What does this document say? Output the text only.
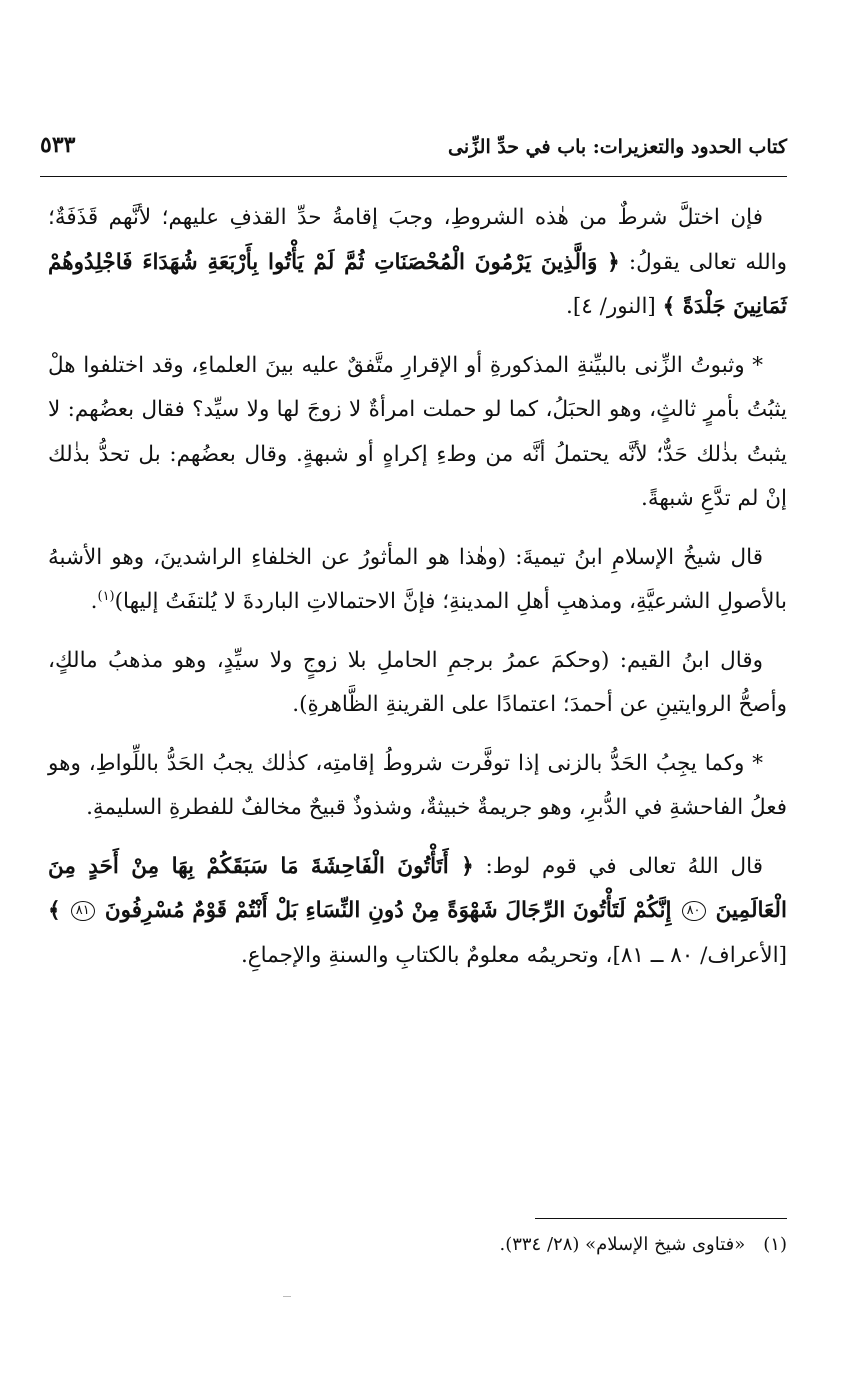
كتاب الحدود والتعزيرات: باب في حدِّ الزِّنى
٥٣٣

فإن اختلَّ شرطٌ من هٰذه الشروطِ، وجبَ إقامةُ حدِّ القذفِ عليهم؛ لأنَّهم قَذَفَةٌ؛ والله تعالى يقولُ: ﴿ وَالَّذِينَ يَرْمُونَ الْمُحْصَنَاتِ ثُمَّ لَمْ يَأْتُوا بِأَرْبَعَةِ شُهَدَاءَ فَاجْلِدُوهُمْ ثَمَانِينَ جَلْدَةً ﴾ [النور/ ٤].

* وثبوتُ الزِّنى بالبيِّنةِ المذكورةِ أو الإقرارِ متَّفقٌ عليه بينَ العلماءِ، وقد اختلفوا هلْ يثبُتُ بأمرٍ ثالثٍ، وهو الحبَلُ، كما لو حملت امرأةٌ لا زوجَ لها ولا سيِّد؟ فقال بعضُهم: لا يثبتُ بذٰلك حَدٌّ؛ لأنَّه يحتملُ أنَّه من وطءِ إكراهٍ أو شبهةٍ. وقال بعضُهم: بل تحدُّ بذٰلك إنْ لم تدَّعِ شبهةً.

قال شيخُ الإسلامِ ابنُ تيميةَ: (وهٰذا هو المأثورُ عن الخلفاءِ الراشدينَ، وهو الأشبهُ بالأصولِ الشرعيَّةِ، ومذهبِ أهلِ المدينةِ؛ فإنَّ الاحتمالاتِ الباردةَ لا يُلتفَتُ إليها)$^{(١)}$.

وقال ابنُ القيم: (وحكمَ عمرُ برجمِ الحاملِ بلا زوجٍ ولا سيِّدٍ، وهو مذهبُ مالكٍ، وأصحُّ الروايتينِ عن أحمدَ؛ اعتمادًا على القرينةِ الظَّاهرةِ).

* وكما يجِبُ الحَدُّ بالزنى إذا توفَّرت شروطُ إقامتِه، كذٰلك يجبُ الحَدُّ باللِّواطِ، وهو فعلُ الفاحشةِ في الدُّبرِ، وهو جريمةٌ خبيثةٌ، وشذوذٌ قبيحٌ مخالفٌ للفطرةِ السليمةِ.

قال اللهُ تعالى في قوم لوط: ﴿ أَتَأْتُونَ الْفَاحِشَةَ مَا سَبَقَكُمْ بِهَا مِنْ أَحَدٍ مِنَ الْعَالَمِينَ ٨٠ إِنَّكُمْ لَتَأْتُونَ الرِّجَالَ شَهْوَةً مِنْ دُونِ النِّسَاءِ بَلْ أَنْتُمْ قَوْمٌ مُسْرِفُونَ ٨١ ﴾ [الأعراف/ ٨٠ ــ ٨١]، وتحريمُه معلومٌ بالكتابِ والسنةِ والإجماعِ.

(١)«فتاوى شيخ الإسلام» (٢٨/ ٣٣٤).
